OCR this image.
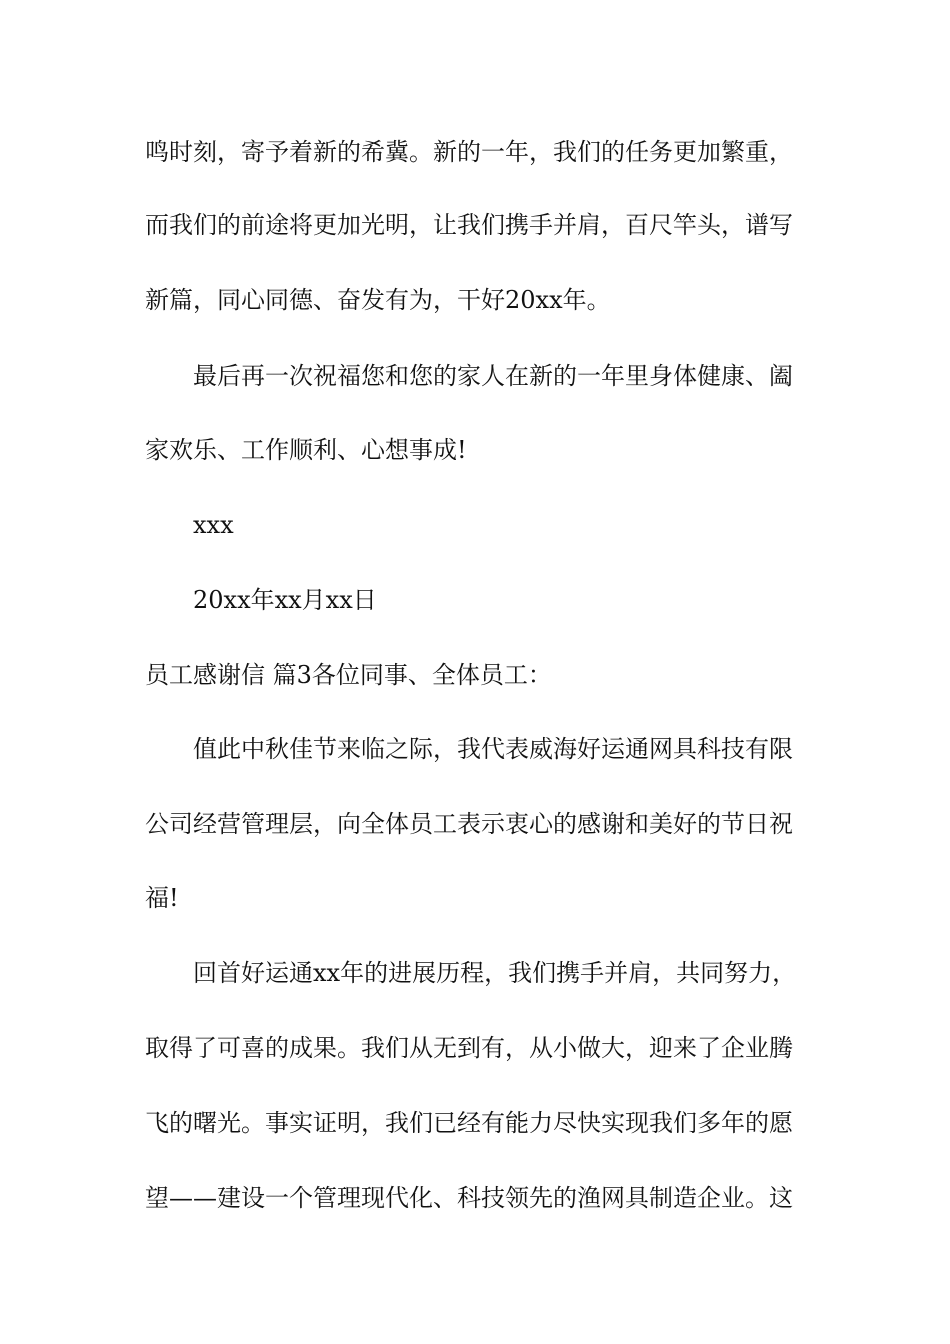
鸣时刻，寄予着新的希冀。新的一年，我们的任务更加繁重，
而我们的前途将更加光明，让我们携手并肩，百尺竿头，谱写
新篇，同心同德、奋发有为，干好20xx年。
最后再一次祝福您和您的家人在新的一年里身体健康、阖
家欢乐、工作顺利、心想事成!
xxx
20xx年xx月xx日
员工感谢信 篇3各位同事、全体员工：
值此中秋佳节来临之际，我代表威海好运通网具科技有限
公司经营管理层，向全体员工表示衷心的感谢和美好的节日祝
福!
回首好运通xx年的进展历程，我们携手并肩，共同努力，
取得了可喜的成果。我们从无到有，从小做大，迎来了企业腾
飞的曙光。事实证明，我们已经有能力尽快实现我们多年的愿
望——建设一个管理现代化、科技领先的渔网具制造企业。这
